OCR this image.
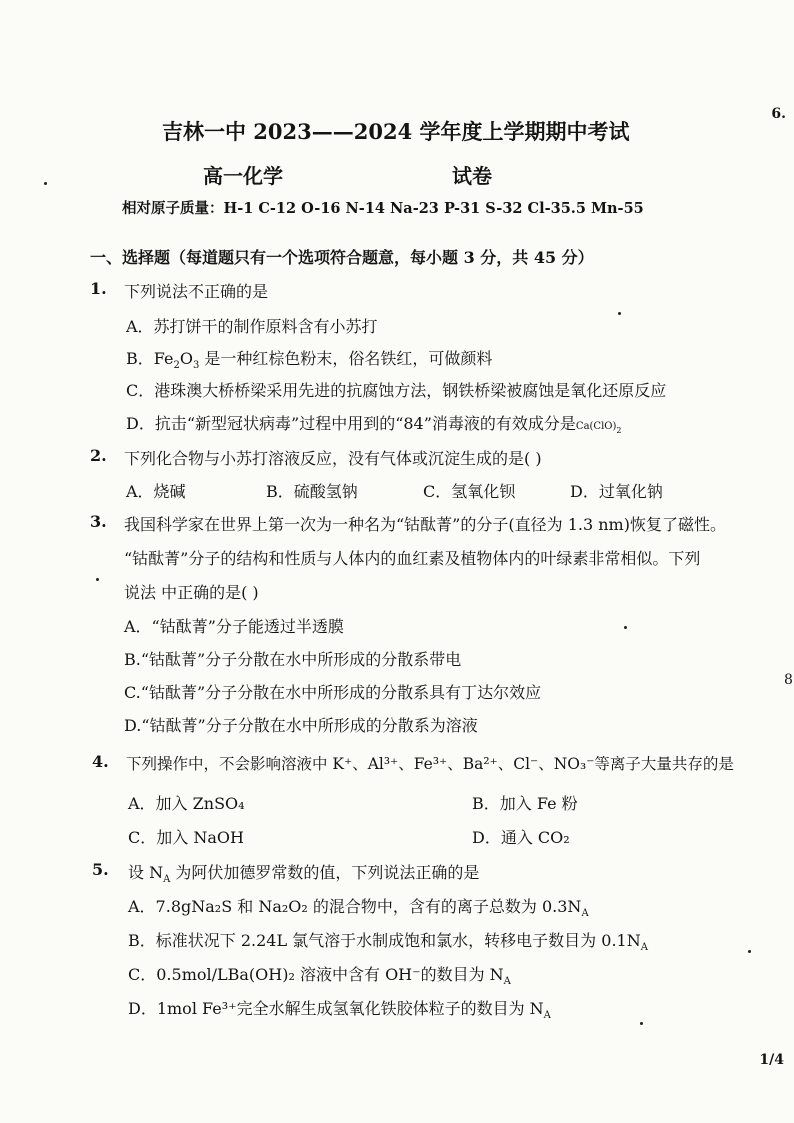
6.
吉林一中 2023——2024 学年度上学期期中考试
高一化学	试卷
相对原子质量：H-1 C-12 O-16 N-14 Na-23 P-31 S-32 Cl-35.5 Mn-55
一、选择题（每道题只有一个选项符合题意，每小题 3 分，共 45 分）
1. 下列说法不正确的是
A．苏打饼干的制作原料含有小苏打
B．$Fe_2O_3$ 是一种红棕色粉末，俗名铁红，可做颜料
C．港珠澳大桥桥梁采用先进的抗腐蚀方法，钢铁桥梁被腐蚀是氧化还原反应
D．抗击“新型冠状病毒”过程中用到的“84”消毒液的有效成分是$Ca(ClO)_2$
2. 下列化合物与小苏打溶液反应，没有气体或沉淀生成的是( )
A．烧碱	B．硫酸氢钠	C．氢氧化钡	D．过氧化钠
3. 我国科学家在世界上第一次为一种名为“钴酞菁”的分子(直径为 1.3 nm)恢复了磁性。
“钴酞菁”分子的结构和性质与人体内的血红素及植物体内的叶绿素非常相似。下列
说法 中正确的是( )
A．“钴酞菁”分子能透过半透膜
B.“钴酞菁”分子分散在水中所形成的分散系带电
C.“钴酞菁”分子分散在水中所形成的分散系具有丁达尔效应
D.“钴酞菁”分子分散在水中所形成的分散系为溶液
8
4. 下列操作中，不会影响溶液中 K⁺、Al³⁺、Fe³⁺、Ba²⁺、Cl⁻、NO₃⁻等离子大量共存的是
A．加入 ZnSO₄	B．加入 Fe 粉
C．加入 NaOH	D．通入 CO₂
5. 设 $N_A$ 为阿伏加德罗常数的值，下列说法正确的是
A．7.8gNa₂S 和 Na₂O₂ 的混合物中，含有的离子总数为 $0.3N_A$
B．标准状况下 2.24L 氯气溶于水制成饱和氯水，转移电子数目为 $0.1N_A$
C．0.5mol/LBa(OH)₂ 溶液中含有 OH⁻的数目为 $N_A$
D．1mol Fe³⁺完全水解生成氢氧化铁胶体粒子的数目为 $N_A$
1/4
